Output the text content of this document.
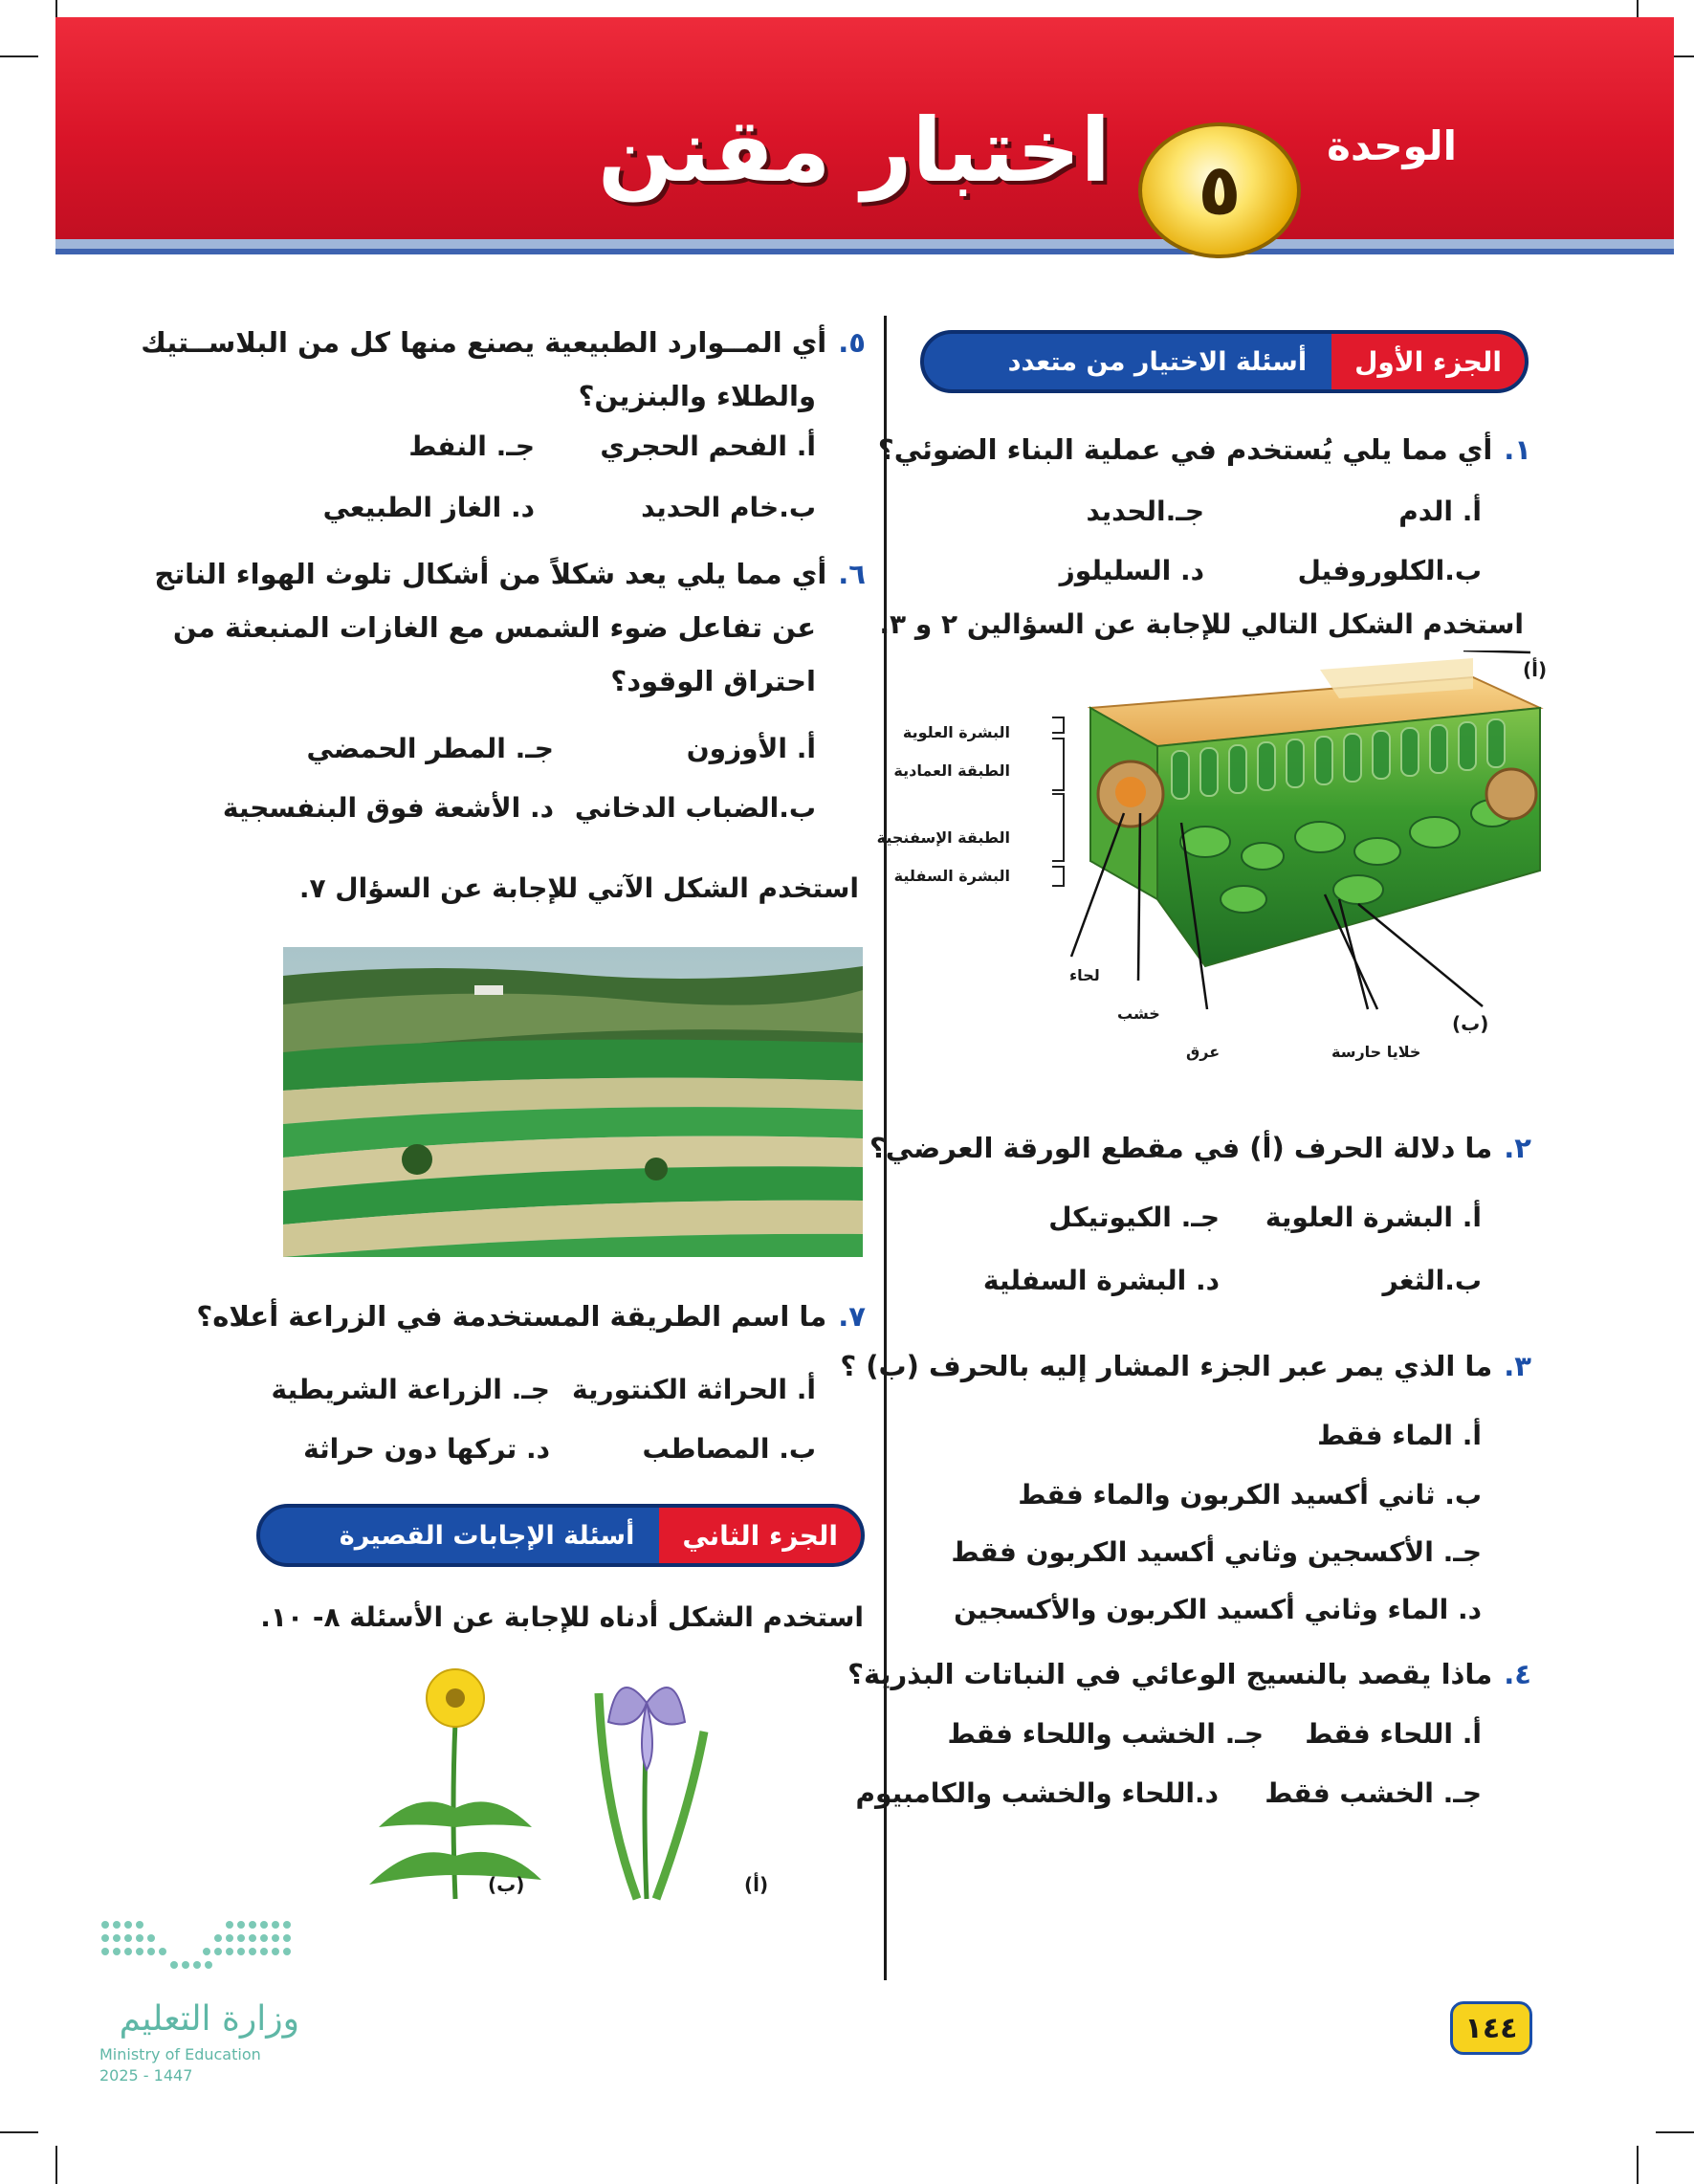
الوحدة
٥
اختبار مقنن
الجزء الأول
أسئلة الاختيار من متعدد
١.أي مما يلي يُستخدم في عملية البناء الضوئي؟
أ. الدم
جـ.الحديد
ب.الكلوروفيل
د. السليلوز
استخدم الشكل التالي للإجابة عن السؤالين ٢ و ٣.
(أ)
البشرة العلوية
الطبقة العمادية
الطبقة الإسفنجية
البشرة السفلية
لحاء
خشب
عرق	خلايا حارسة
(ب)
٢.ما دلالة الحرف (أ) في مقطع الورقة العرضي؟
أ. البشرة العلوية
جـ. الكيوتيكل
ب.الثغر
د. البشرة السفلية
٣.ما الذي يمر عبر الجزء المشار إليه بالحرف (ب) ؟
أ. الماء فقط
ب. ثاني أكسيد الكربون والماء فقط
جـ. الأكسجين وثاني أكسيد الكربون فقط
د. الماء وثاني أكسيد الكربون والأكسجين
٤.ماذا يقصد بالنسيج الوعائي في النباتات البذرية؟
أ. اللحاء فقط
جـ. الخشب واللحاء فقط
جـ. الخشب فقط
د.اللحاء والخشب والكامبيوم
٥.أي المــوارد الطبيعية يصنع منها كل من البلاســتيك
والطلاء والبنزين؟
أ. الفحم الحجري
جـ. النفط
ب.خام الحديد
د. الغاز الطبيعي
٦.أي مما يلي يعد شكلاً من أشكال تلوث الهواء الناتج
عن تفاعل ضوء الشمس مع الغازات المنبعثة من
احتراق الوقود؟
أ. الأوزون
جـ. المطر الحمضي
ب.الضباب الدخاني
د. الأشعة فوق البنفسجية
استخدم الشكل الآتي للإجابة عن السؤال ٧.
٧.ما اسم الطريقة المستخدمة في الزراعة أعلاه؟
أ. الحراثة الكنتورية
جـ. الزراعة الشريطية
ب. المصاطب
د. تركها دون حراثة
الجزء الثاني
أسئلة الإجابات القصيرة
استخدم الشكل أدناه للإجابة عن الأسئلة ٨- ١٠.
(ب)	(أ)
وزارة التعليم
Ministry of Education
2025 - 1447
١٤٤
